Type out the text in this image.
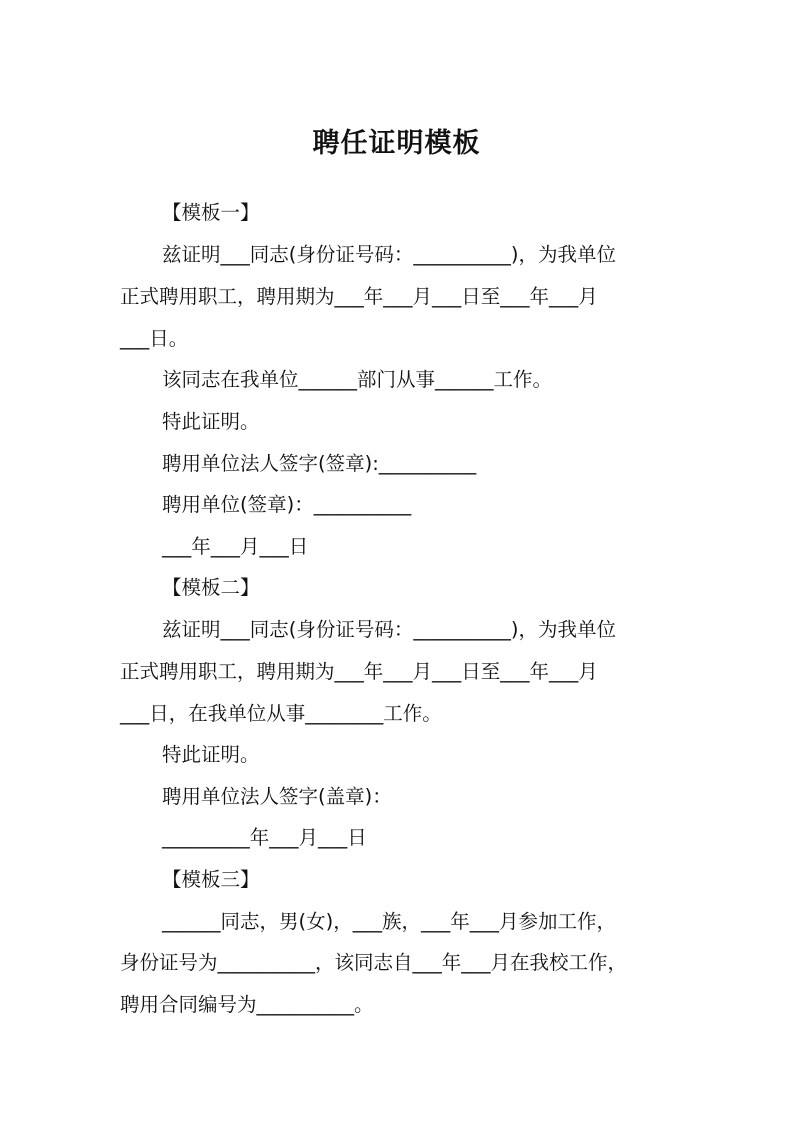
聘任证明模板
【模板一】
兹证明___同志(身份证号码：__________)，为我单位
正式聘用职工，聘用期为___年___月___日至___年___月
___日。
该同志在我单位______部门从事______工作。
特此证明。
聘用单位法人签字(签章):__________
聘用单位(签章)：__________
___年___月___日
【模板二】
兹证明___同志(身份证号码：__________)，为我单位
正式聘用职工，聘用期为___年___月___日至___年___月
___日，在我单位从事________工作。
特此证明。
聘用单位法人签字(盖章)：
_________年___月___日
【模板三】
______同志，男(女)，___族，___年___月参加工作，
身份证号为__________，该同志自___年___月在我校工作，
聘用合同编号为__________。
